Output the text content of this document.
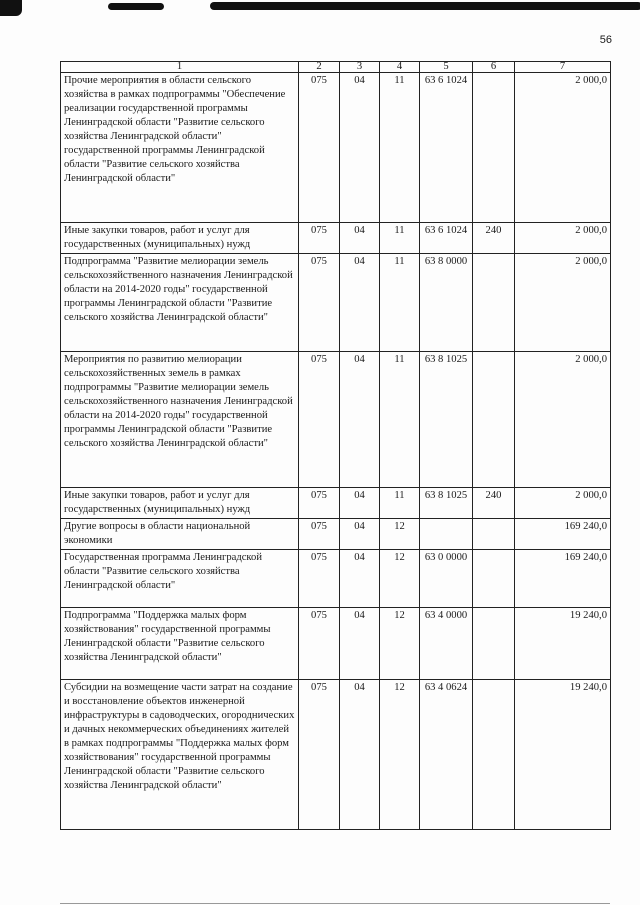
56
1	2	3	4	5	6	7
Прочие мероприятия в области сельского хозяйства в рамках подпрограммы "Обеспечение реализации государственной программы Ленинградской области "Развитие сельского хозяйства Ленинградской области" государственной программы Ленинградской области "Развитие сельского хозяйства Ленинградской области"	075	04	11	63 6 1024		2 000,0
Иные закупки товаров, работ и услуг для государственных (муниципальных) нужд	075	04	11	63 6 1024	240	2 000,0
Подпрограмма "Развитие мелиорации земель сельскохозяйственного назначения Ленинградской области на 2014-2020 годы" государственной программы Ленинградской области "Развитие сельского хозяйства Ленинградской области"	075	04	11	63 8 0000		2 000,0
Мероприятия по развитию мелиорации сельскохозяйственных земель в рамках подпрограммы "Развитие мелиорации земель сельскохозяйственного назначения Ленинградской области на 2014-2020 годы" государственной программы Ленинградской области "Развитие сельского хозяйства Ленинградской области"	075	04	11	63 8 1025		2 000,0
Иные закупки товаров, работ и услуг для государственных (муниципальных) нужд	075	04	11	63 8 1025	240	2 000,0
Другие вопросы в области национальной экономики	075	04	12			169 240,0
Государственная программа Ленинградской области "Развитие сельского хозяйства Ленинградской области"	075	04	12	63 0 0000		169 240,0
Подпрограмма "Поддержка малых форм хозяйствования" государственной программы Ленинградской области "Развитие сельского хозяйства Ленинградской области"	075	04	12	63 4 0000		19 240,0
Субсидии на возмещение части затрат на создание и восстановление объектов инженерной инфраструктуры в садоводческих, огороднических и дачных некоммерческих объединениях жителей в рамках подпрограммы "Поддержка малых форм хозяйствования" государственной программы Ленинградской области "Развитие сельского хозяйства Ленинградской области"	075	04	12	63 4 0624		19 240,0
